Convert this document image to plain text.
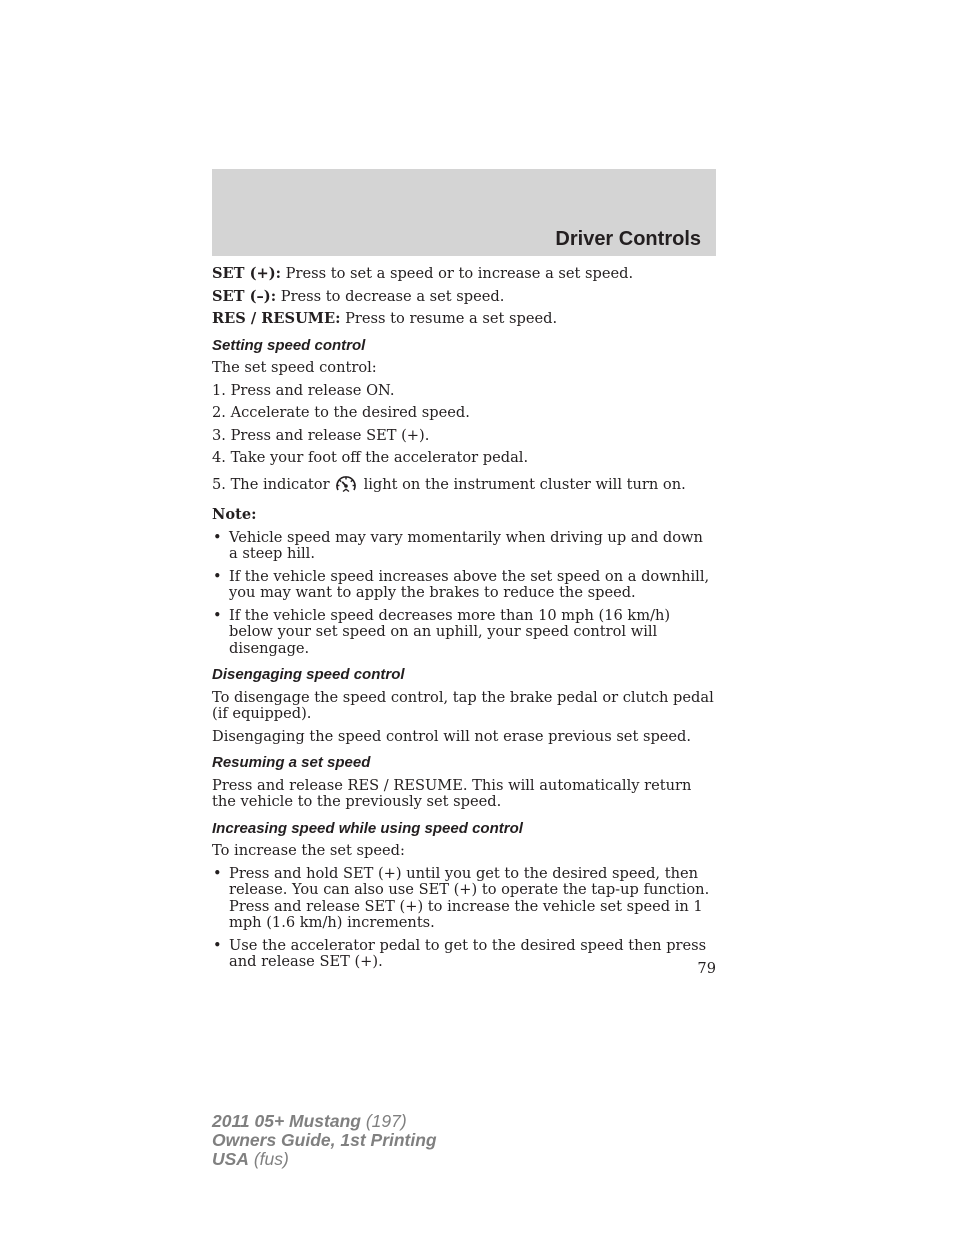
Driver Controls
SET (+): Press to set a speed or to increase a set speed.
SET (–): Press to decrease a set speed.
RES / RESUME: Press to resume a set speed.
Setting speed control
The set speed control:
1. Press and release ON.
2. Accelerate to the desired speed.
3. Press and release SET (+).
4. Take your foot off the accelerator pedal.
5. The indicator light on the instrument cluster will turn on.
Note:
• Vehicle speed may vary momentarily when driving up and down a steep hill.
• If the vehicle speed increases above the set speed on a downhill, you may want to apply the brakes to reduce the speed.
• If the vehicle speed decreases more than 10 mph (16 km/h) below your set speed on an uphill, your speed control will disengage.
Disengaging speed control
To disengage the speed control, tap the brake pedal or clutch pedal (if equipped).
Disengaging the speed control will not erase previous set speed.
Resuming a set speed
Press and release RES / RESUME. This will automatically return the vehicle to the previously set speed.
Increasing speed while using speed control
To increase the set speed:
• Press and hold SET (+) until you get to the desired speed, then release. You can also use SET (+) to operate the tap-up function. Press and release SET (+) to increase the vehicle set speed in 1 mph (1.6 km/h) increments.
• Use the accelerator pedal to get to the desired speed then press and release SET (+).	79
2011 05+ Mustang (197)
Owners Guide, 1st Printing
USA (fus)
